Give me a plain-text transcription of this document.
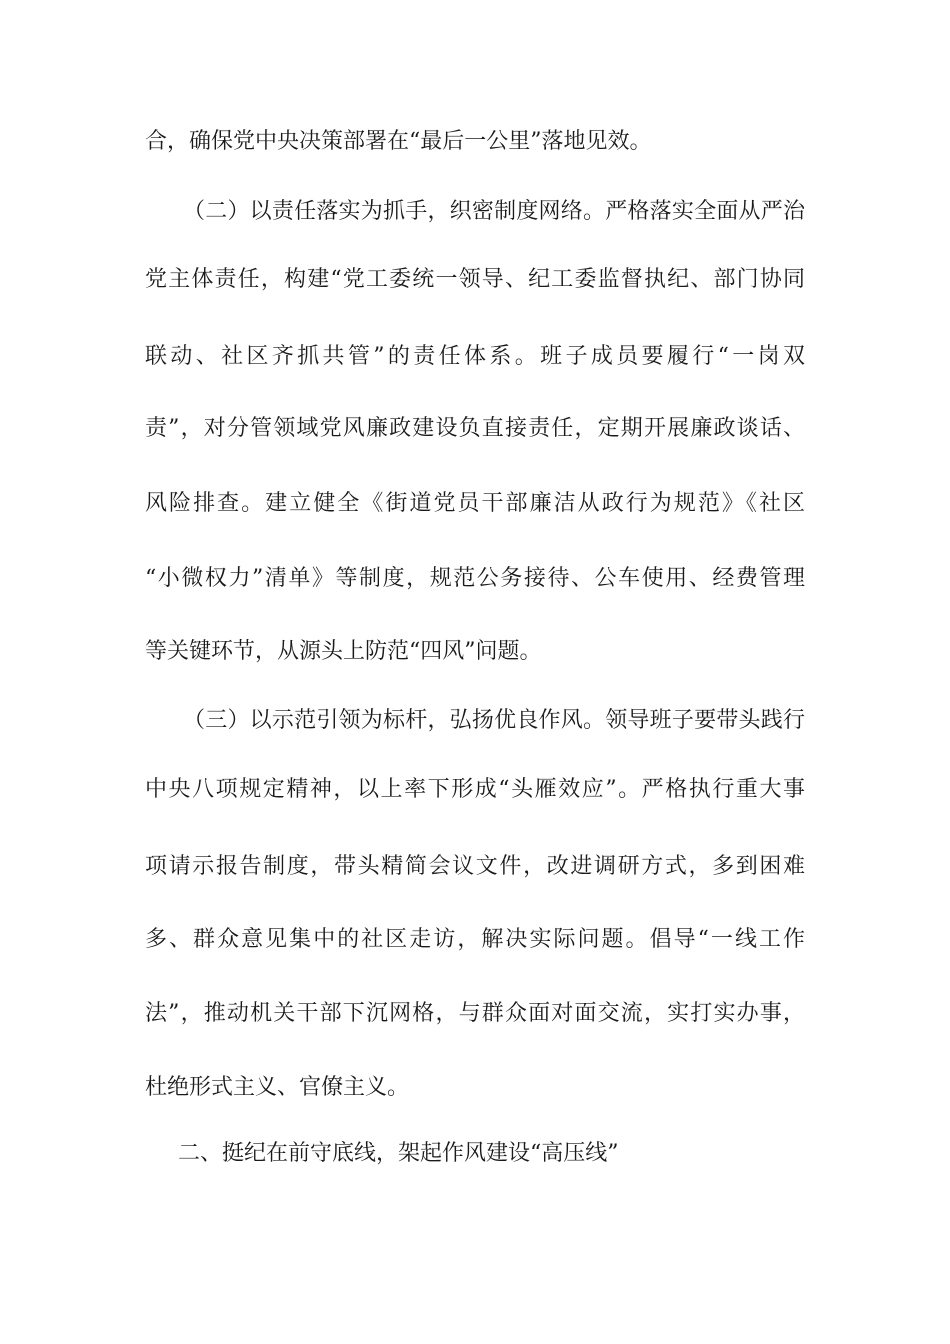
合，确保党中央决策部署在“最后一公里”落地见效。

（二）以责任落实为抓手，织密制度网络。严格落实全面从严治

党主体责任，构建“党工委统一领导、纪工委监督执纪、部门协同

联动、社区齐抓共管”的责任体系。班子成员要履行“一岗双

责”，对分管领域党风廉政建设负直接责任，定期开展廉政谈话、

风险排查。建立健全《街道党员干部廉洁从政行为规范》《社区

“小微权力”清单》等制度，规范公务接待、公车使用、经费管理

等关键环节，从源头上防范“四风”问题。

（三）以示范引领为标杆，弘扬优良作风。领导班子要带头践行

中央八项规定精神，以上率下形成“头雁效应”。严格执行重大事

项请示报告制度，带头精简会议文件，改进调研方式，多到困难

多、群众意见集中的社区走访，解决实际问题。倡导“一线工作

法”，推动机关干部下沉网格，与群众面对面交流，实打实办事，

杜绝形式主义、官僚主义。

二、挺纪在前守底线，架起作风建设“高压线”
